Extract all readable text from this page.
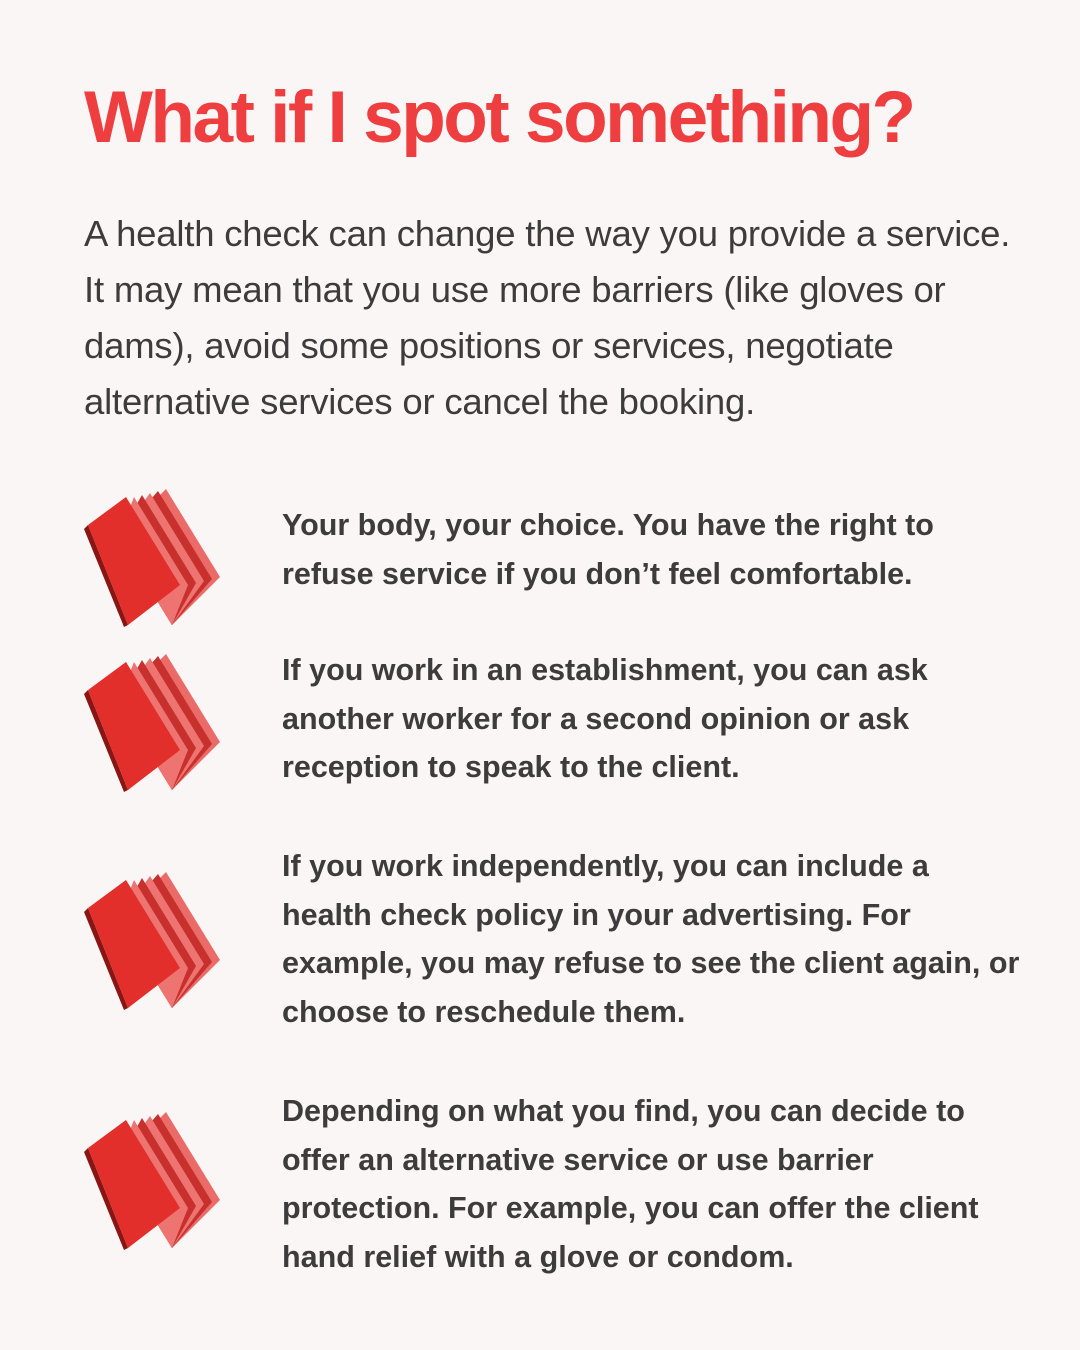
What if I spot something?

A health check can change the way you provide a service. It may mean that you use more barriers (like gloves or dams), avoid some positions or services, negotiate alternative services or cancel the booking.

Your body, your choice. You have the right to refuse service if you don’t feel comfortable.

If you work in an establishment, you can ask another worker for a second opinion or ask reception to speak to the client.

If you work independently, you can include a health check policy in your advertising. For example, you may refuse to see the client again, or choose to reschedule them.

Depending on what you find, you can decide to offer an alternative service or use barrier protection. For example, you can offer the client hand relief with a glove or condom.
